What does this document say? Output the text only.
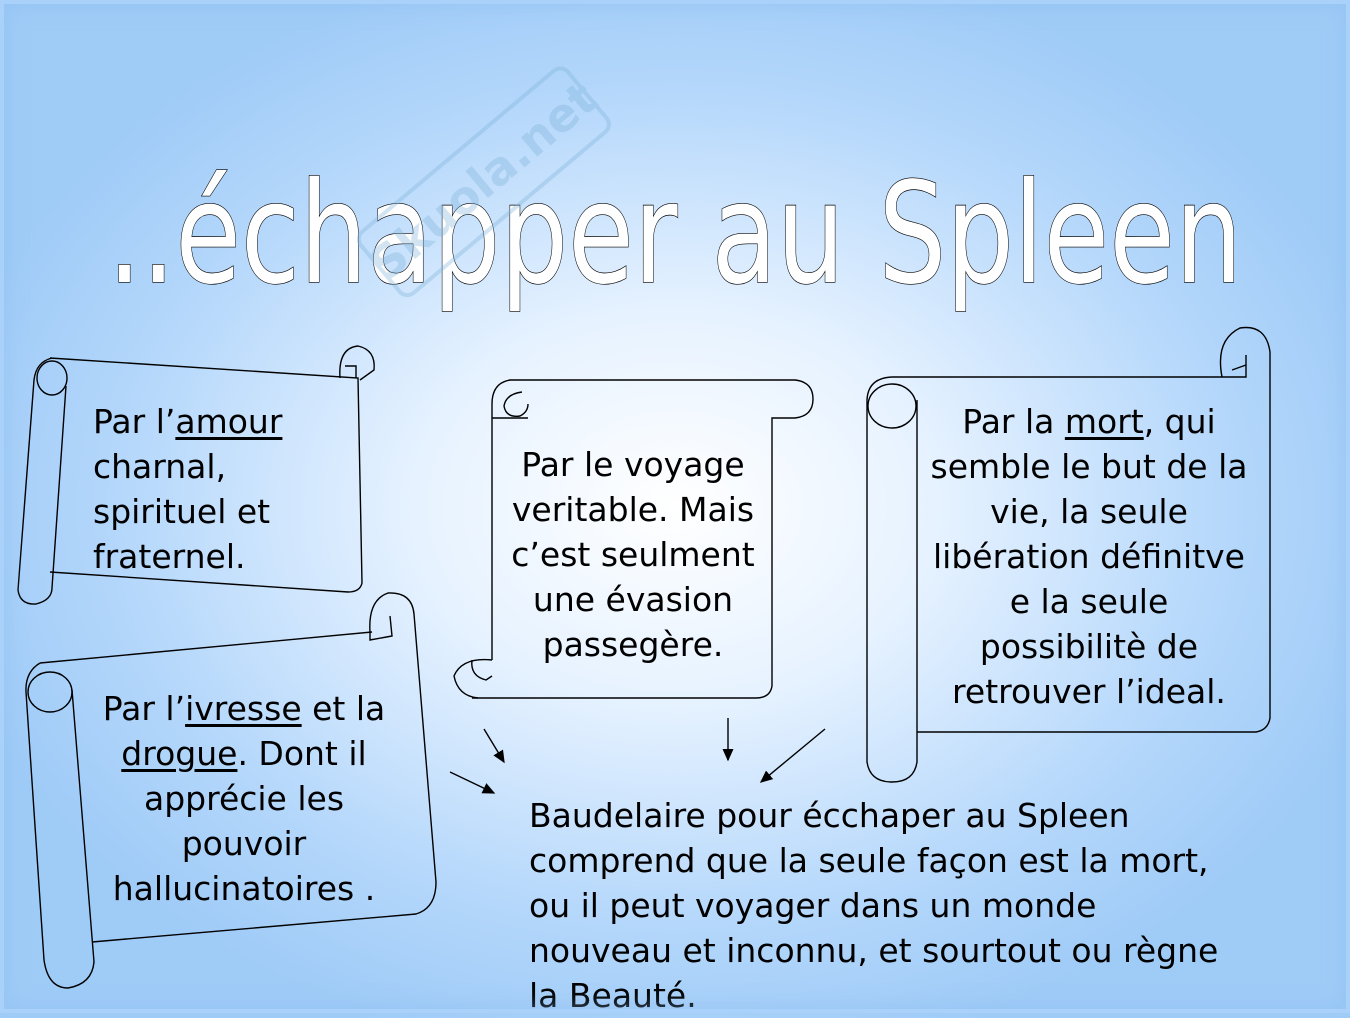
..échapper au Spleen
Skuola.net
Par l’amour charnal, spirituel et fraternel.
Par le voyage veritable. Mais c’est seulment une évasion passegère.
Par la mort, qui semble le but de la vie, la seule libération définitve e la seule possibilitè de retrouver l’ideal.
Par l’ivresse et la drogue. Dont il apprécie les pouvoir hallucinatoires .
Baudelaire pour écchaper au Spleen comprend que la seule façon est la mort, ou il peut voyager dans un monde nouveau et inconnu, et sourtout ou règne la Beauté.
